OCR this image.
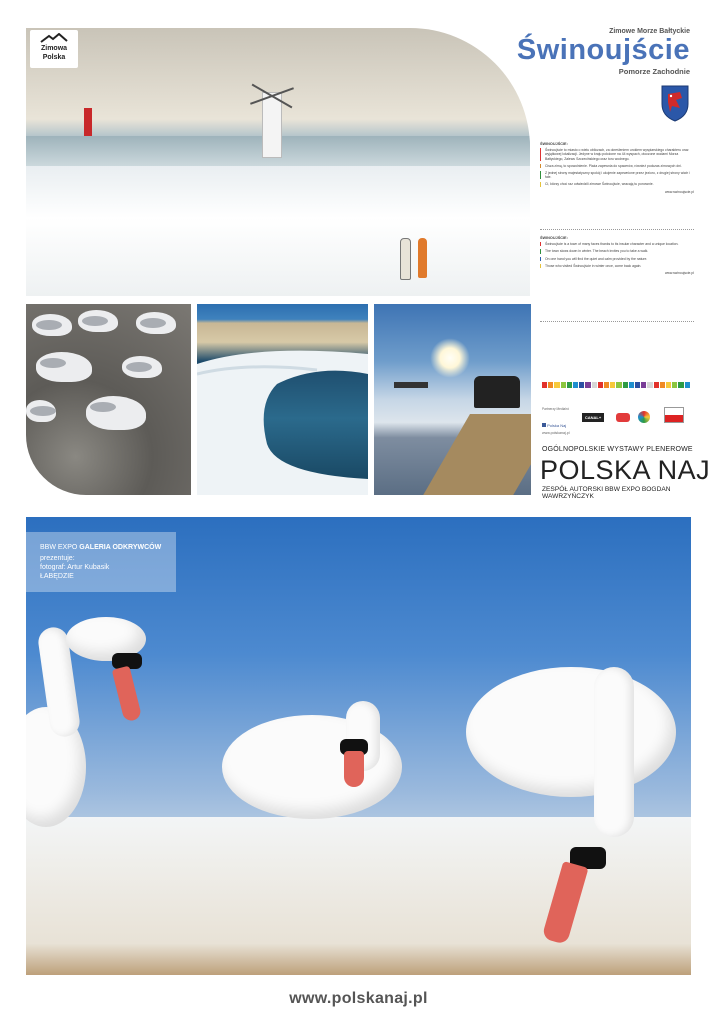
Zimowa
Polska
Zimowe Morze Bałtyckie
Świnoujście
Pomorze Zachodnie
ŚWINOUJŚCIE:

Świnoujście to miasto o wielu obliczach, za określeniem urokiem wyspiarskiego charakteru oraz wyjątkowej lokalizacji. Jedyne w kraju położone na 44 wyspach, otoczone wodami Morza Bałtyckiego, Zalewu Szczecińskiego oraz toru wodnego.

Cisza zimą, to spowolnienie. Plaża zapewnia do spacerów, również podczas zimowych dni.

Z jednej strony majestatyczny spokój i ukojenie zapewnione przez jezioro, z drugiej strony wiatr i fale.

Ci, którzy choć raz odwiedzili zimowe Świnoujście, wracają tu ponownie.

www.swinoujscie.pl
ŚWINOUJŚCIE:

Świnoujście is a town of many faces thanks to its insular character and a unique location.

The town slows down in winter. The beach invites you to take a walk.

On one hand you will find the quiet and calm provided by the nature.

Those who visited Świnoujście in winter once, come back again.

www.swinoujscie.pl
Partnerzy Medialni:
CANAL+
Polska Naj
www.polskanaj.pl
OGÓLNOPOLSKIE WYSTAWY PLENEROWE
POLSKA NAJ
ZESPÓŁ AUTORSKI BBW EXPO BOGDAN WAWRZYŃCZYK
BBW EXPO GALERIA ODKRYWCÓW
prezentuje:
fotograf: Artur Kubasik
ŁABĘDZIE
www.polskanaj.pl
